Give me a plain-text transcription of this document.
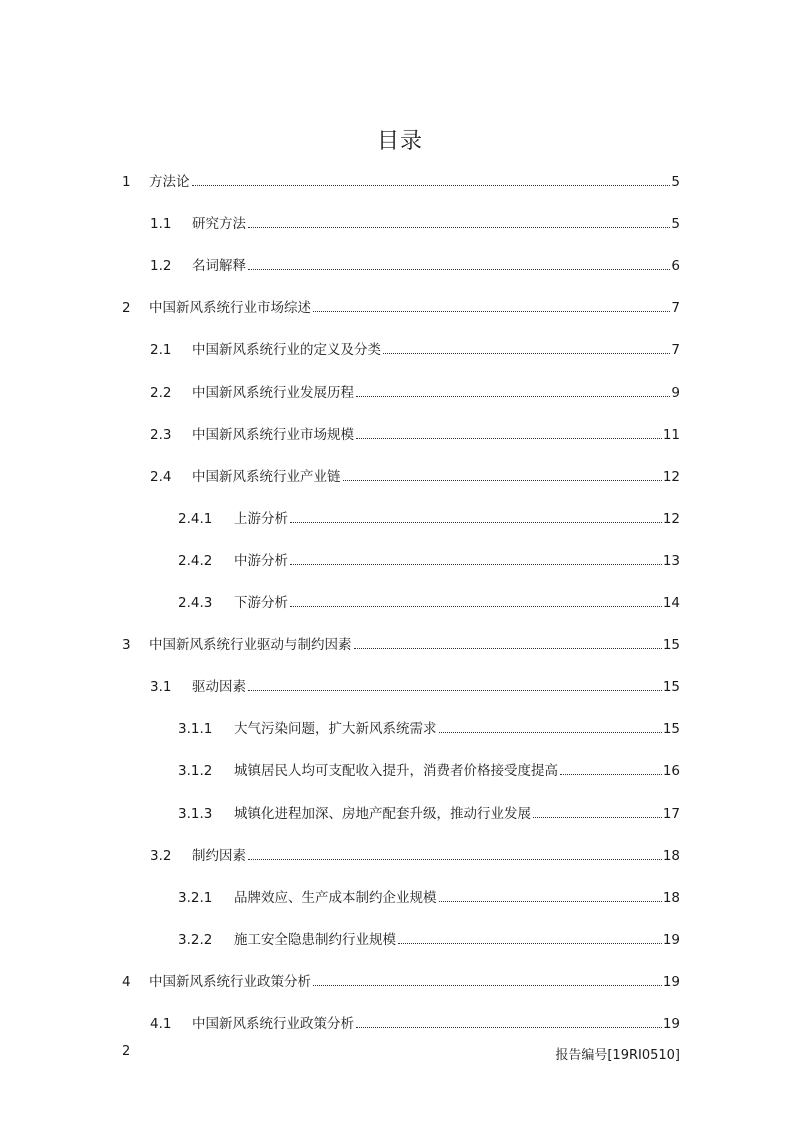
目录
1	方法论	5
1.1	研究方法	5
1.2	名词解释	6
2	中国新风系统行业市场综述	7
2.1	中国新风系统行业的定义及分类	7
2.2	中国新风系统行业发展历程	9
2.3	中国新风系统行业市场规模	11
2.4	中国新风系统行业产业链	12
2.4.1	上游分析	12
2.4.2	中游分析	13
2.4.3	下游分析	14
3	中国新风系统行业驱动与制约因素	15
3.1	驱动因素	15
3.1.1	大气污染问题，扩大新风系统需求	15
3.1.2	城镇居民人均可支配收入提升，消费者价格接受度提高	16
3.1.3	城镇化进程加深、房地产配套升级，推动行业发展	17
3.2	制约因素	18
3.2.1	品牌效应、生产成本制约企业规模	18
3.2.2	施工安全隐患制约行业规模	19
4	中国新风系统行业政策分析	19
4.1	中国新风系统行业政策分析	19
2	报告编号[19RI0510]
